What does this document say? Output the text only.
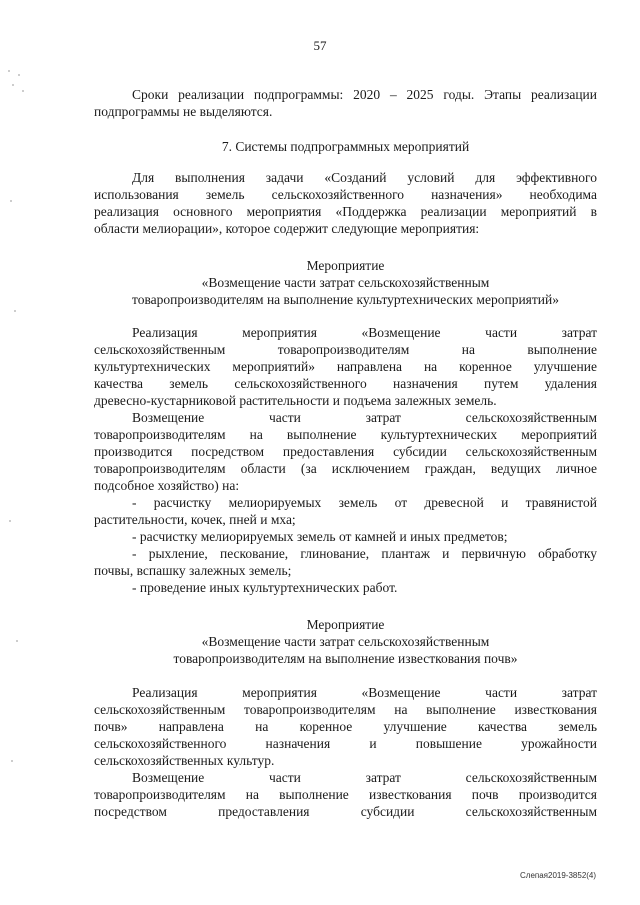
57

Сроки реализации подпрограммы: 2020 – 2025 годы. Этапы реализации

подпрограммы не выделяются.

7. Системы подпрограммных мероприятий

Для выполнения задачи «Созданий условий для эффективного

использования земель сельскохозяйственного назначения» необходима

реализация основного мероприятия «Поддержка реализации мероприятий в

области мелиорации», которое содержит следующие мероприятия:

Мероприятие

«Возмещение части затрат сельскохозяйственным

товаропроизводителям на выполнение культуртехнических мероприятий»

Реализация мероприятия «Возмещение части затрат

сельскохозяйственным товаропроизводителям на выполнение

культуртехнических мероприятий» направлена на коренное улучшение

качества земель сельскохозяйственного назначения путем удаления

древесно-кустарниковой растительности и подъема залежных земель.

Возмещение части затрат сельскохозяйственным

товаропроизводителям на выполнение культуртехнических мероприятий

производится посредством предоставления субсидии сельскохозяйственным

товаропроизводителям области (за исключением граждан, ведущих личное

подсобное хозяйство) на:

- расчистку мелиорируемых земель от древесной и травянистой

растительности, кочек, пней и мха;

- расчистку мелиорируемых земель от камней и иных предметов;

- рыхление, пескование, глинование, плантаж и первичную обработку

почвы, вспашку залежных земель;

- проведение иных культуртехнических работ.

Мероприятие

«Возмещение части затрат сельскохозяйственным

товаропроизводителям на выполнение известкования почв»

Реализация мероприятия «Возмещение части затрат

сельскохозяйственным товаропроизводителям на выполнение известкования

почв» направлена на коренное улучшение качества земель

сельскохозяйственного назначения и повышение урожайности

сельскохозяйственных культур.

Возмещение части затрат сельскохозяйственным

товаропроизводителям на выполнение известкования почв производится

посредством предоставления субсидии сельскохозяйственным

Слепая2019-3852(4)
